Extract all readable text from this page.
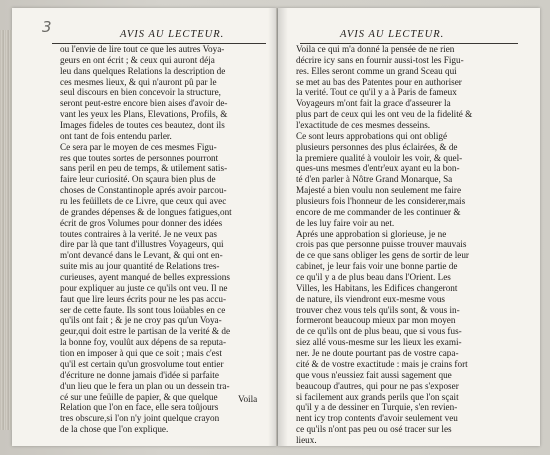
3	AVIS AU LECTEUR.
ou l'envie de lire tout ce que les autres Voya-
geurs en ont écrit ; & ceux qui auront déja
leu dans quelques Relations la description de
ces mesmes lieux, & qui n'auront pû par le
seul discours en bien concevoir la structure,
seront peut-estre encore bien aises d'avoir de-
vant les yeux les Plans, Elevations, Profils, &
Images fideles de toutes ces beautez, dont ils
ont tant de fois entendu parler.
Ce sera par le moyen de ces mesmes Figu-
res que toutes sortes de personnes pourront
sans peril en peu de temps, & utilement satis-
faire leur curiosité. On sçaura bien plus de
choses de Constantinople aprés avoir parcou-
ru les feüillets de ce Livre, que ceux qui avec
de grandes dépenses & de longues fatigues,ont
écrit de gros Volumes pour donner des idées
toutes contraires à la verité. Je ne veux pas
dire par là que tant d'illustres Voyageurs, qui
m'ont devancé dans le Levant, & qui ont en-
suite mis au jour quantité de Relations tres-
curieuses, ayent manqué de belles expressions
pour expliquer au juste ce qu'ils ont veu. Il ne
faut que lire leurs écrits pour ne les pas accu-
ser de cette faute. Ils sont tous loüables en ce
qu'ils ont fait ; & je ne croy pas qu'un Voya-
geur,qui doit estre le partisan de la verité & de
la bonne foy, voulût aux dépens de sa reputa-
tion en imposer à qui que ce soit ; mais c'est
qu'il est certain qu'un grosvolume tout entier
d'écriture ne donne jamais d'idée si parfaite
d'un lieu que le fera un plan ou un dessein tra-
cé sur une feüille de papier, & que quelque
Relation que l'on en face, elle sera toûjours
tres obscure,si l'on n'y joint quelque crayon
de la chose que l'on explique.
Voila
AVIS AU LECTEUR.
Voila ce qui m'a donné la pensée de ne rien
décrire icy sans en fournir aussi-tost les Figu-
res. Elles seront comme un grand Sceau qui
se met au bas des Patentes pour en authoriser
la verité. Tout ce qu'il y a à Paris de fameux
Voyageurs m'ont fait la grace d'asseurer la
plus part de ceux qui les ont veu de la fidelité &
l'exactitude de ces mesmes desseins.
Ce sont leurs approbations qui ont obligé
plusieurs personnes des plus éclairées, & de
la premiere qualité à vouloir les voir, & quel-
ques-uns mesmes d'entr'eux ayant eu la bon-
té d'en parler à Nôtre Grand Monarque, Sa
Majesté a bien voulu non seulement me faire
plusieurs fois l'honneur de les considerer,mais
encore de me commander de les continuer &
de les luy faire voir au net.
Aprés une approbation si glorieuse, je ne
crois pas que personne puisse trouver mauvais
de ce que sans obliger les gens de sortir de leur
cabinet, je leur fais voir une bonne partie de
ce qu'il y a de plus beau dans l'Orient. Les
Villes, les Habitans, les Edifices changeront
de nature, ils viendront eux-mesme vous
trouver chez vous tels qu'ils sont, & vous in-
formeront beaucoup mieux par mon moyen
de ce qu'ils ont de plus beau, que si vous fus-
siez allé vous-mesme sur les lieux les exami-
ner. Je ne doute pourtant pas de vostre capa-
cité & de vostre exactitude : mais je crains fort
que vous n'eussiez fait aussi sagement que
beaucoup d'autres, qui pour ne pas s'exposer
si facilement aux grands perils que l'on sçait
qu'il y a de dessiner en Turquie, s'en revien-
nent icy trop contents d'avoir seulement veu
ce qu'ils n'ont pas peu ou osé tracer sur les
lieux.
